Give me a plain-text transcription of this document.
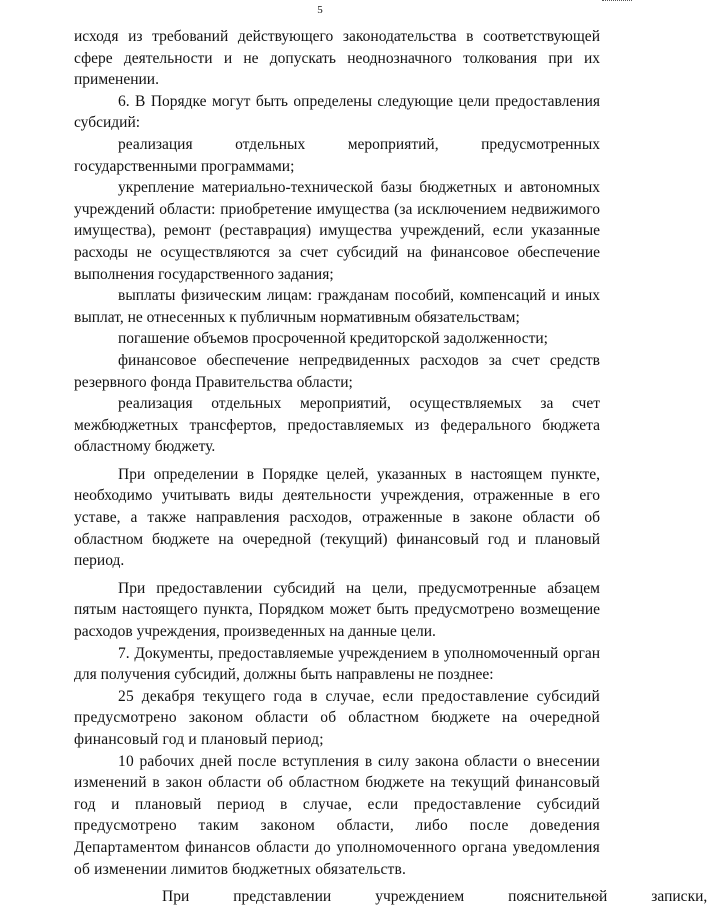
5

исходя из требований действующего законодательства в соответствующей сфере деятельности и не допускать неоднозначного толкования при их применении.

6. В Порядке могут быть определены следующие цели предоставления субсидий:

реализация отдельных мероприятий, предусмотренных государственными программами;

укрепление материально-технической базы бюджетных и автономных учреждений области: приобретение имущества (за исключением недвижимого имущества), ремонт (реставрация) имущества учреждений, если указанные расходы не осуществляются за счет субсидий на финансовое обеспечение выполнения государственного задания;

выплаты физическим лицам: гражданам пособий, компенсаций и иных выплат, не отнесенных к публичным нормативным обязательствам;

погашение объемов просроченной кредиторской задолженности;

финансовое обеспечение непредвиденных расходов за счет средств резервного фонда Правительства области;

реализация отдельных мероприятий, осуществляемых за счет межбюджетных трансфертов, предоставляемых из федерального бюджета областному бюджету.

При определении в Порядке целей, указанных в настоящем пункте, необходимо учитывать виды деятельности учреждения, отраженные в его уставе, а также направления расходов, отраженные в законе области об областном бюджете на очередной (текущий) финансовый год и плановый период.

При предоставлении субсидий на цели, предусмотренные абзацем пятым настоящего пункта, Порядком может быть предусмотрено возмещение расходов учреждения, произведенных на данные цели.

7. Документы, предоставляемые учреждением в уполномоченный орган для получения субсидий, должны быть направлены не позднее:

25 декабря текущего года в случае, если предоставление субсидий предусмотрено законом области об областном бюджете на очередной финансовый год и плановый период;

10 рабочих дней после вступления в силу закона области о внесении изменений в закон области об областном бюджете на текущий финансовый год и плановый период в случае, если предоставление субсидий предусмотрено таким законом области, либо после доведения Департаментом финансов области до уполномоченного органа уведомления об изменении лимитов бюджетных обязательств.

При	представлении	учреждением	пояснительной	записки,
